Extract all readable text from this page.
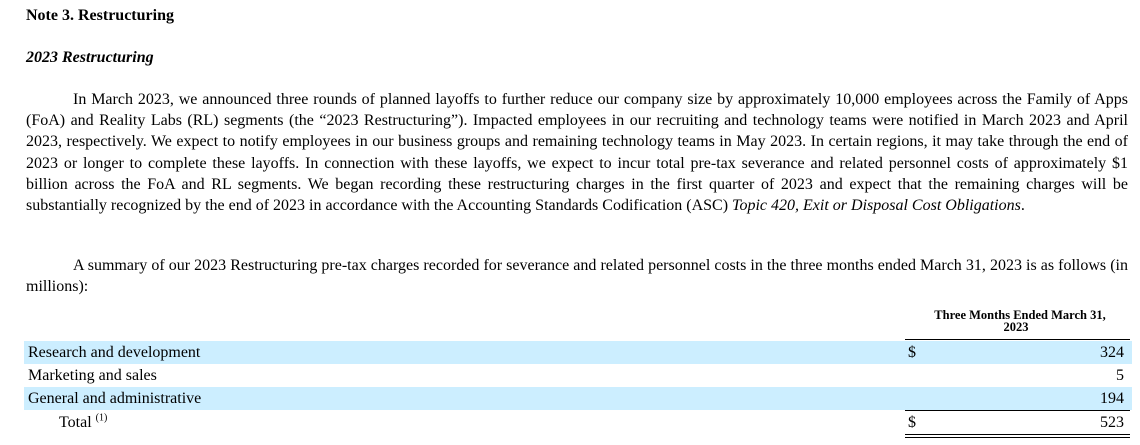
Note 3. Restructuring
2023 Restructuring

In March 2023, we announced three rounds of planned layoffs to further reduce our company size by approximately 10,000 employees across the Family of Apps (FoA) and Reality Labs (RL) segments (the “2023 Restructuring”). Impacted employees in our recruiting and technology teams were notified in March 2023 and April 2023, respectively. We expect to notify employees in our business groups and remaining technology teams in May 2023. In certain regions, it may take through the end of 2023 or longer to complete these layoffs. In connection with these layoffs, we expect to incur total pre-tax severance and related personnel costs of approximately $1 billion across the FoA and RL segments. We began recording these restructuring charges in the first quarter of 2023 and expect that the remaining charges will be substantially recognized by the end of 2023 in accordance with the Accounting Standards Codification (ASC) Topic 420, Exit or Disposal Cost Obligations.

A summary of our 2023 Restructuring pre-tax charges recorded for severance and related personnel costs in the three months ended March 31, 2023 is as follows (in millions):

Three Months Ended March 31,
2023
Research and development	$	324
Marketing and sales	5
General and administrative	194
Total $^{(1)}$	$	523
